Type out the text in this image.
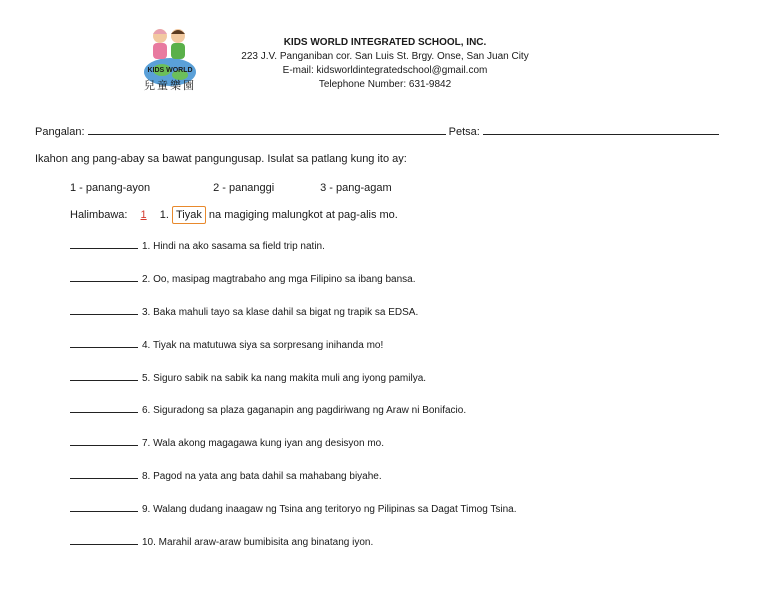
KIDS WORLD
兒童樂園
KIDS WORLD INTEGRATED SCHOOL, INC.
223 J.V. Panganiban cor. San Luis St. Brgy. Onse, San Juan City
E-mail: kidsworldintegratedschool@gmail.com
Telephone Number: 631-9842
Pangalan:	Petsa:
Ikahon ang pang-abay sa bawat pangungusap. Isulat sa patlang kung ito ay:
1 - panang-ayon	2 - pananggi	3 - pang-agam
Halimbawa: 1 1. Tiyak na magiging malungkot at pag-alis mo.
1. Hindi na ako sasama sa field trip natin.
2. Oo, masipag magtrabaho ang mga Filipino sa ibang bansa.
3. Baka mahuli tayo sa klase dahil sa bigat ng trapik sa EDSA.
4. Tiyak na matutuwa siya sa sorpresang inihanda mo!
5. Siguro sabik na sabik ka nang makita muli ang iyong pamilya.
6. Siguradong sa plaza gaganapin ang pagdiriwang ng Araw ni Bonifacio.
7. Wala akong magagawa kung iyan ang desisyon mo.
8. Pagod na yata ang bata dahil sa mahabang biyahe.
9. Walang dudang inaagaw ng Tsina ang teritoryo ng Pilipinas sa Dagat Timog Tsina.
10. Marahil araw-araw bumibisita ang binatang iyon.
